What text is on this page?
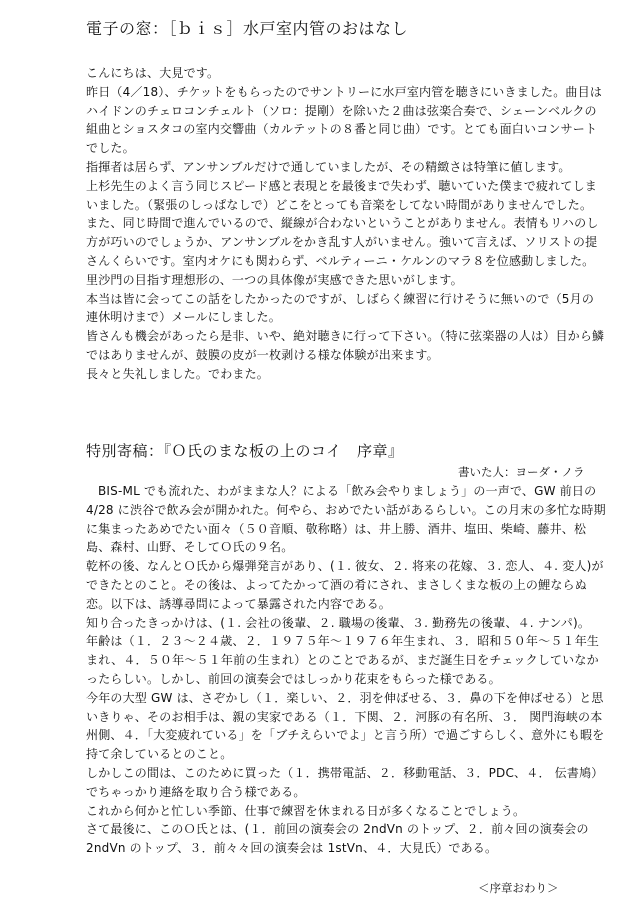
電子の窓：［ｂｉｓ］水戸室内管のおはなし

こんにちは、大見です。

昨日（4／18）、チケットをもらったのでサントリーに水戸室内管を聴きにいきました。曲目はハイドンのチェロコンチェルト（ソロ：提剛）を除いた２曲は弦楽合奏で、シェーンベルクの組曲とショスタコの室内交響曲（カルテットの８番と同じ曲）です。とても面白いコンサートでした。

指揮者は居らず、アンサンブルだけで通していましたが、その精緻さは特筆に値します。

上杉先生のよく言う同じスピード感と表現とを最後まで失わず、聴いていた僕まで疲れてしまいました。（緊張のしっぱなしで）どこをとっても音楽をしてない時間がありませんでした。

また、同じ時間で進んでいるので、縦線が合わないということがありません。表情もリハのし方が巧いのでしょうか、アンサンブルをかき乱す人がいません。強いて言えば、ソリストの提さんくらいです。室内オケにも関わらず、ベルティーニ・ケルンのマラ８を位感動しました。

里沙門の目指す理想形の、一つの具体像が実感できた思いがします。

本当は皆に会ってこの話をしたかったのですが、しばらく練習に行けそうに無いので（5月の連休明けまで）メールにしました。

皆さんも機会があったら是非、いや、絶対聴きに行って下さい。（特に弦楽器の人は）目から鱗ではありませんが、鼓膜の皮が一枚剥ける様な体験が出来ます。

長々と失礼しました。でわまた。

特別寄稿：『Ｏ氏のまな板の上のコイ　序章』
書いた人：ヨーダ・ノラ

BIS-ML でも流れた、わがままな人？による「飲み会やりましょう」の一声で、GW 前日の 4/28 に渋谷で飲み会が開かれた。何やら、おめでたい話があるらしい。この月末の多忙な時期に集まったあめでたい面々（５０音順、敬称略）は、井上勝、酒井、塩田、柴崎、藤井、松島、森村、山野、そしてＯ氏の９名。

乾杯の後、なんとＯ氏から爆弾発言があり、(１. 彼女、２. 将来の花嫁、３. 恋人、４. 変人)ができたとのこと。その後は、よってたかって酒の肴にされ、まさしくまな板の上の鯉ならぬ恋。以下は、誘導尋問によって暴露された内容である。

知り合ったきっかけは、(１. 会社の後輩、２. 職場の後輩、３. 勤務先の後輩、４. ナンパ)。

年齢は（１．２３～２４歳、２．１９７５年～１９７６年生まれ、３．昭和５０年～５１年生まれ、４．５０年～５１年前の生まれ）とのことであるが、まだ誕生日をチェックしていなかったらしい。しかし、前回の演奏会ではしっかり花束をもらった様である。

今年の大型 GW は、さぞかし（１．楽しい、２．羽を伸ばせる、３．鼻の下を伸ばせる）と思いきりゃ、そのお相手は、親の実家である（１．下関、２．河豚の有名所、３． 関門海峡の本州側、４．「大変疲れている」を「ブチえらいでよ」と言う所）で過ごすらしく、意外にも暇を持て余しているとのこと。

しかしこの間は、このために買った（１．携帯電話、２．移動電話、３．PDC、４． 伝書鳩）でちゃっかり連絡を取り合う様である。

これから何かと忙しい季節、仕事で練習を休まれる日が多くなることでしょう。

さて最後に、このＯ氏とは、(１．前回の演奏会の 2ndVn のトップ、２．前々回の演奏会の 2ndVn のトップ、３．前々々回の演奏会は 1stVn、４．大見氏）である。

＜序章おわり＞
